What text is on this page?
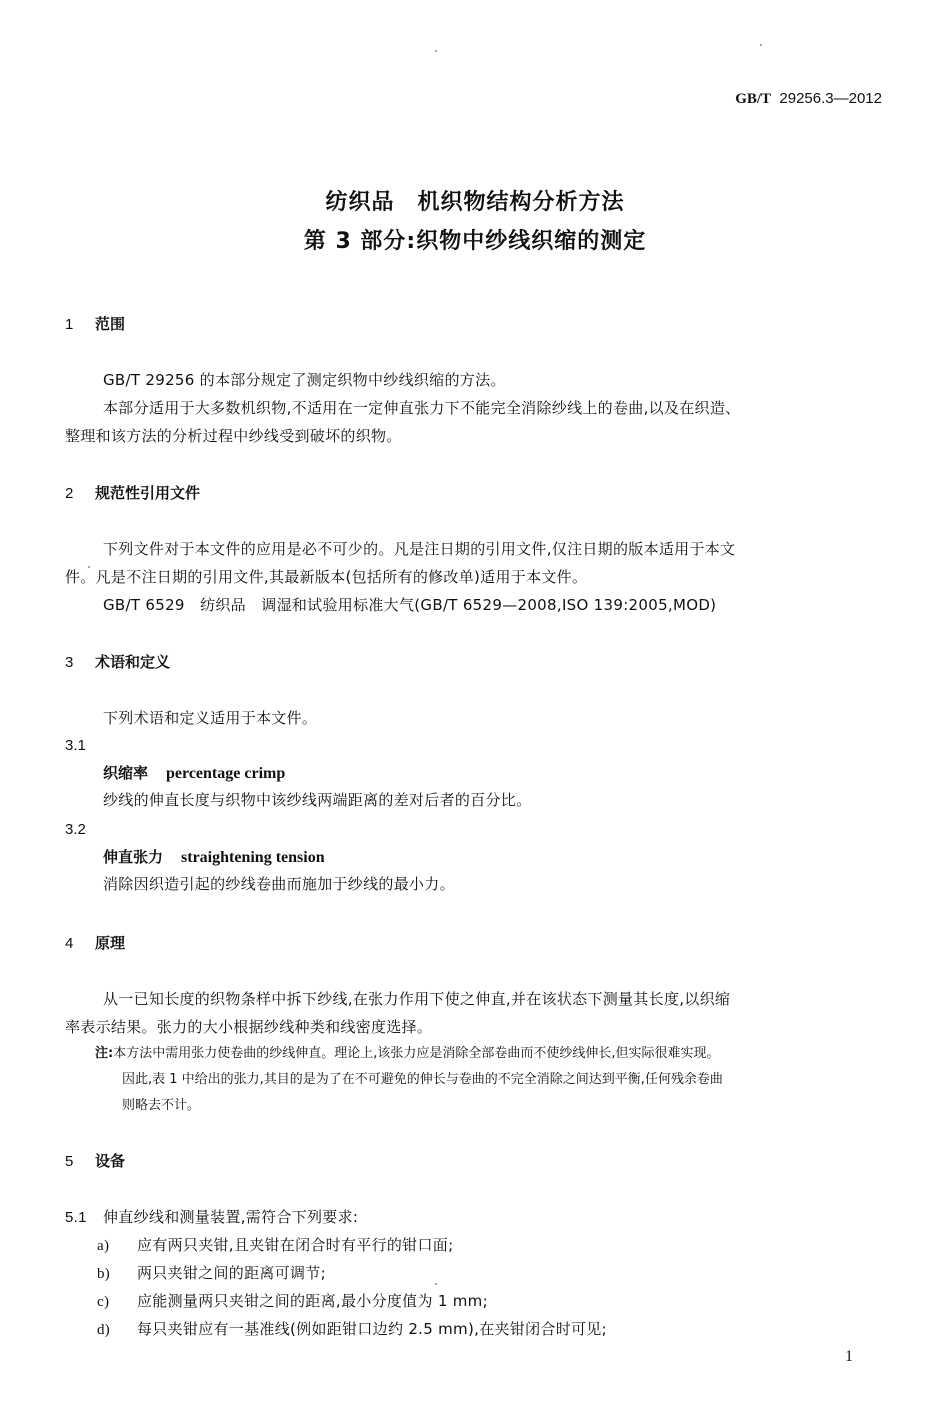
GB/T 29256.3—2012
纺织品　机织物结构分析方法
第 3 部分:织物中纱线织缩的测定
1 范围
GB/T 29256 的本部分规定了测定织物中纱线织缩的方法。
本部分适用于大多数机织物,不适用在一定伸直张力下不能完全消除纱线上的卷曲,以及在织造、
整理和该方法的分析过程中纱线受到破坏的织物。
2 规范性引用文件
下列文件对于本文件的应用是必不可少的。凡是注日期的引用文件,仅注日期的版本适用于本文
件。凡是不注日期的引用文件,其最新版本(包括所有的修改单)适用于本文件。
GB/T 6529　纺织品　调湿和试验用标准大气(GB/T 6529—2008,ISO 139:2005,MOD)
3 术语和定义
下列术语和定义适用于本文件。
3.1
织缩率 percentage crimp
纱线的伸直长度与织物中该纱线两端距离的差对后者的百分比。
3.2
伸直张力 straightening tension
消除因织造引起的纱线卷曲而施加于纱线的最小力。
4 原理
从一已知长度的织物条样中拆下纱线,在张力作用下使之伸直,并在该状态下测量其长度,以织缩
率表示结果。张力的大小根据纱线种类和线密度选择。
注:本方法中需用张力使卷曲的纱线伸直。理论上,该张力应是消除全部卷曲而不使纱线伸长,但实际很难实现。
因此,表 1 中给出的张力,其目的是为了在不可避免的伸长与卷曲的不完全消除之间达到平衡,任何残余卷曲
则略去不计。
5 设备
5.1 伸直纱线和测量装置,需符合下列要求:
a) 应有两只夹钳,且夹钳在闭合时有平行的钳口面;
b) 两只夹钳之间的距离可调节;
c) 应能测量两只夹钳之间的距离,最小分度值为 1 mm;
d) 每只夹钳应有一基准线(例如距钳口边约 2.5 mm),在夹钳闭合时可见;
1
